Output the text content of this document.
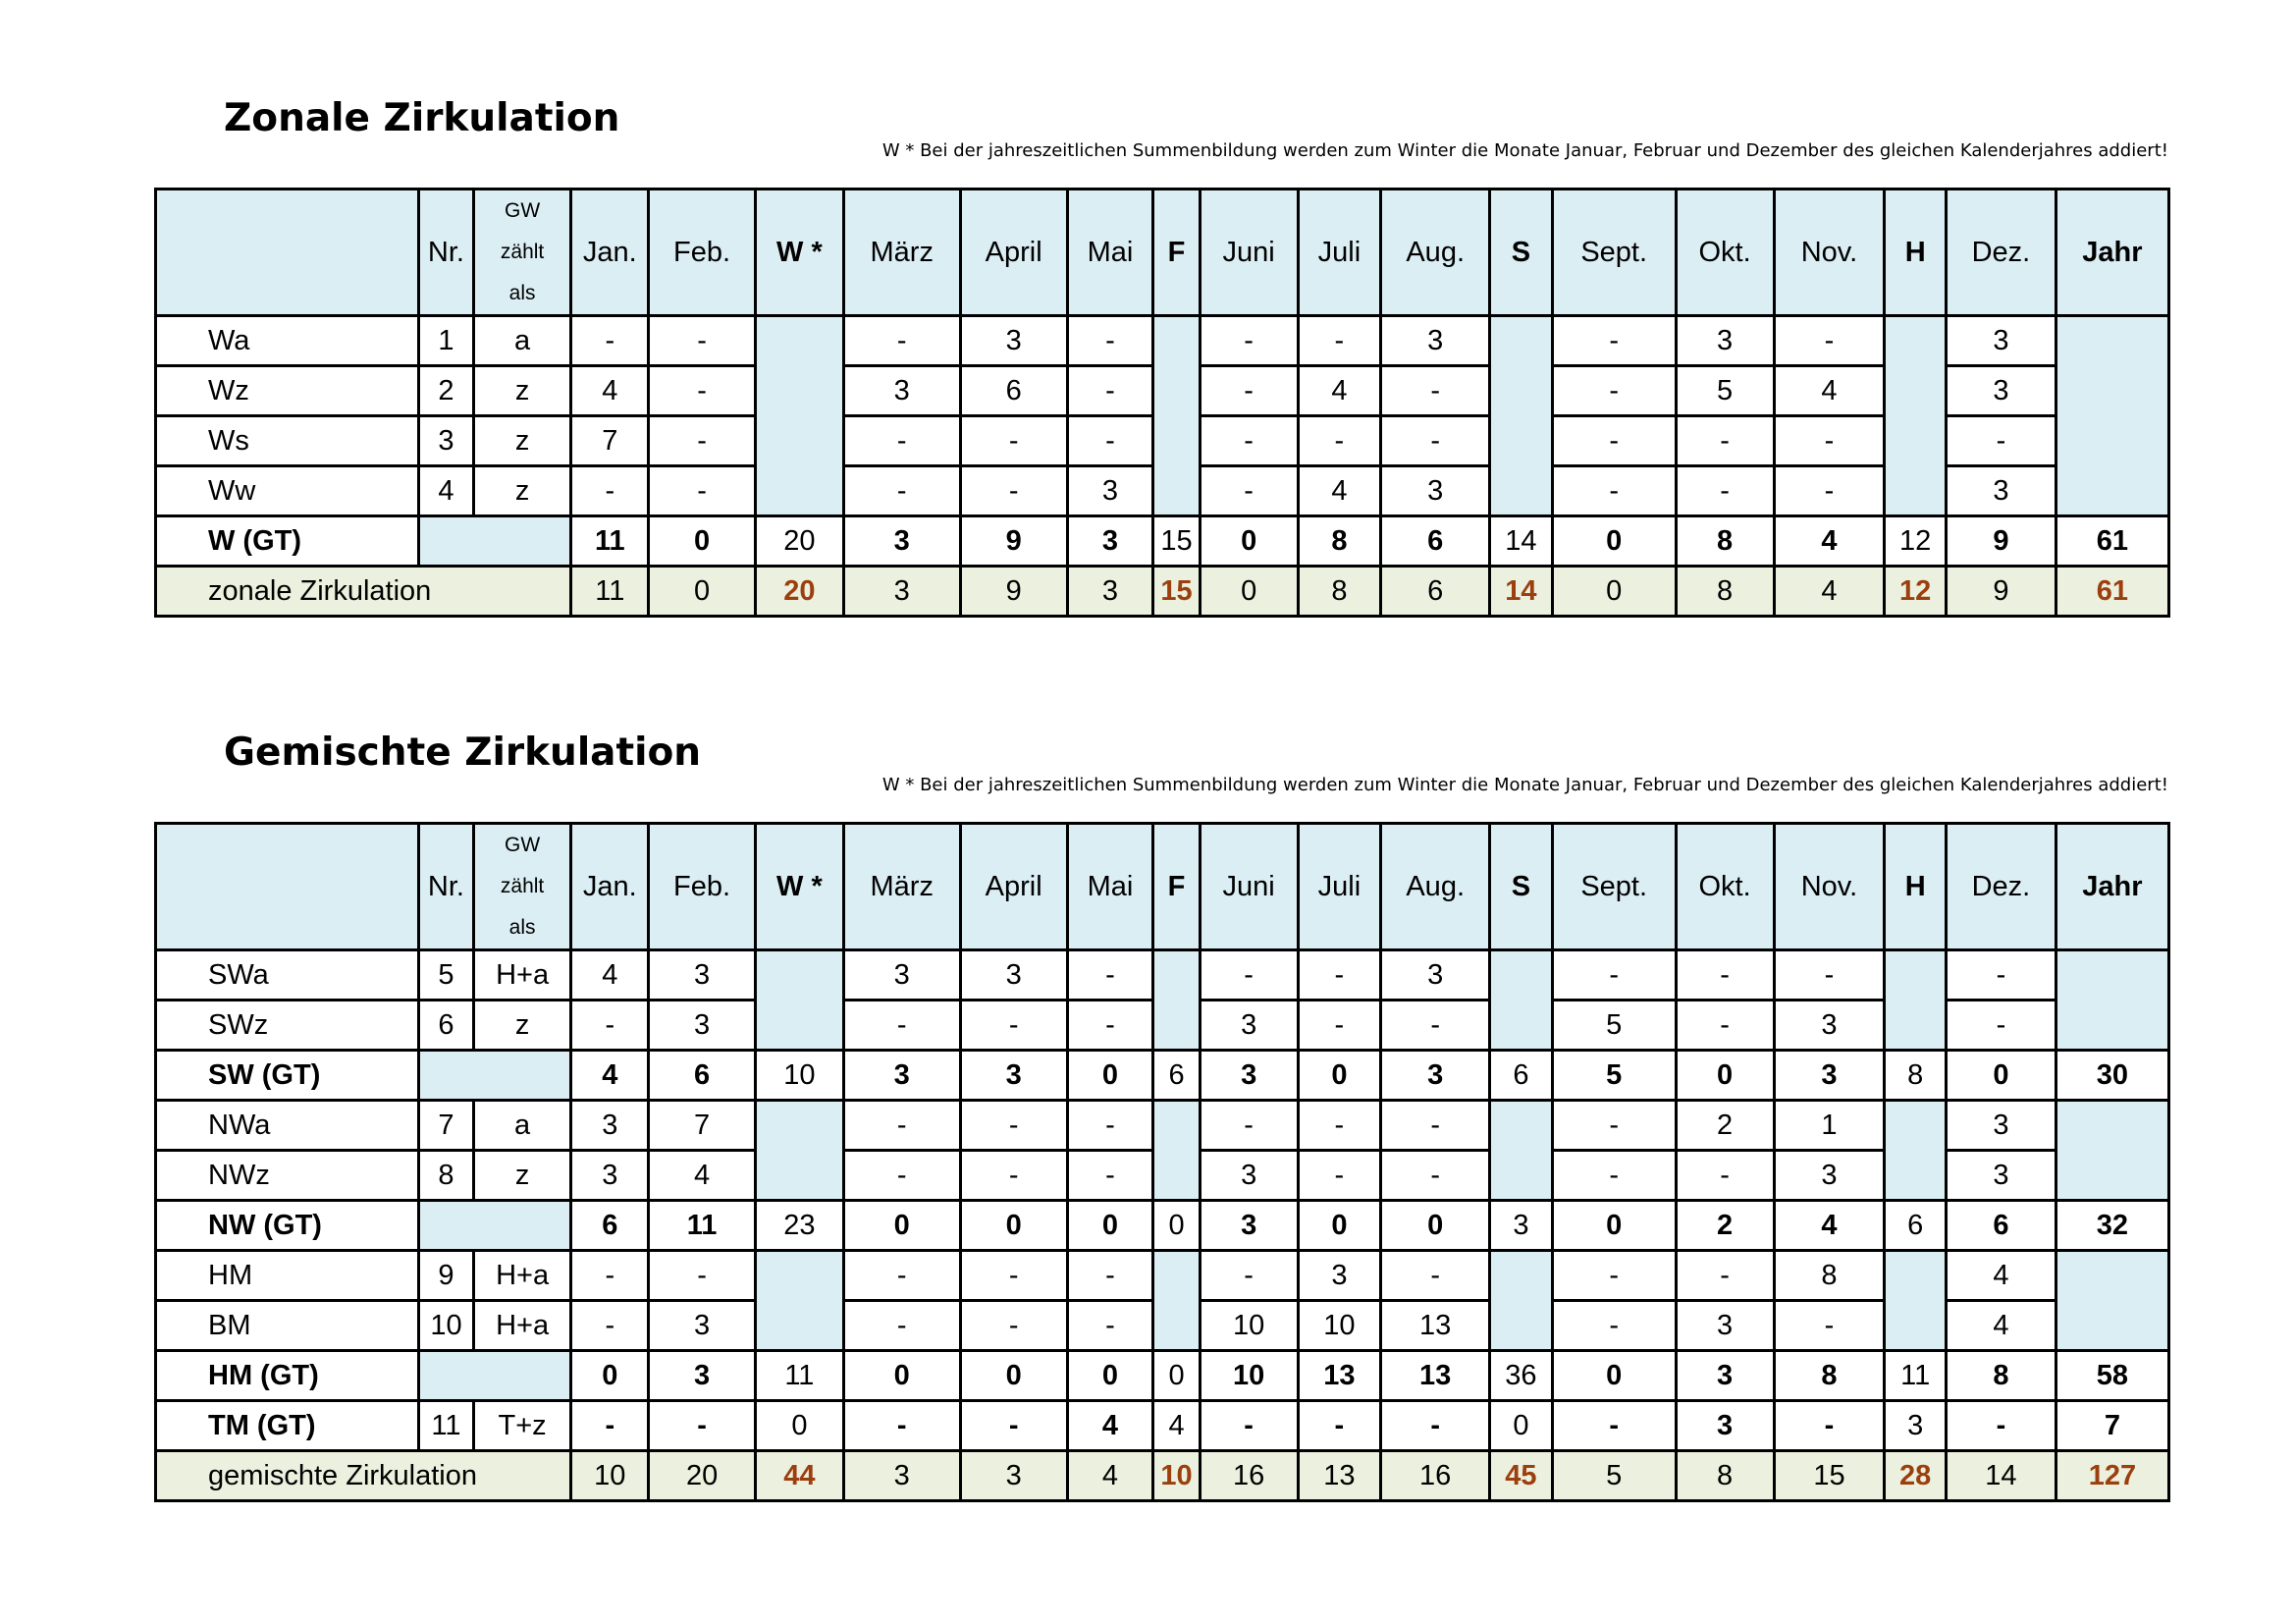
Zonale Zirkulation

W * Bei der jahreszeitlichen Summenbildung werden zum Winter die Monate Januar, Februar und Dezember des gleichen Kalenderjahres addiert!

	Nr.	GW
zählt
als	Jan.	Feb.	W *	März	April	Mai	F	Juni	Juli	Aug.	S	Sept.	Okt.	Nov.	H	Dez.	Jahr
Wa	1	a	-	-		-	3	-		-	-	3		-	3	-		3	
Wz	2	z	4	-		3	6	-		-	4	-		-	5	4		3	
Ws	3	z	7	-		-	-	-		-	-	-		-	-	-		-	
Ww	4	z	-	-		-	-	3		-	4	3		-	-	-		3	
W (GT)			11	0	20	3	9	3	15	0	8	6	14	0	8	4	12	9	61
zonale Zirkulation			11	0	20	3	9	3	15	0	8	6	14	0	8	4	12	9	61
Gemischte Zirkulation

W * Bei der jahreszeitlichen Summenbildung werden zum Winter die Monate Januar, Februar und Dezember des gleichen Kalenderjahres addiert!

	Nr.	GW
zählt
als	Jan.	Feb.	W *	März	April	Mai	F	Juni	Juli	Aug.	S	Sept.	Okt.	Nov.	H	Dez.	Jahr
SWa	5	H+a	4	3		3	3	-		-	-	3		-	-	-		-	
SWz	6	z	-	3		-	-	-		3	-	-		5	-	3		-	
SW (GT)			4	6	10	3	3	0	6	3	0	3	6	5	0	3	8	0	30
NWa	7	a	3	7		-	-	-		-	-	-		-	2	1		3	
NWz	8	z	3	4		-	-	-		3	-	-		-	-	3		3	
NW (GT)			6	11	23	0	0	0	0	3	0	0	3	0	2	4	6	6	32
HM	9	H+a	-	-		-	-	-		-	3	-		-	-	8		4	
BM	10	H+a	-	3		-	-	-		10	10	13		-	3	-		4	
HM (GT)			0	3	11	0	0	0	0	10	13	13	36	0	3	8	11	8	58
TM (GT)	11	T+z	-	-	0	-	-	4	4	-	-	-	0	-	3	-	3	-	7
gemischte Zirkulation			10	20	44	3	3	4	10	16	13	16	45	5	8	15	28	14	127
